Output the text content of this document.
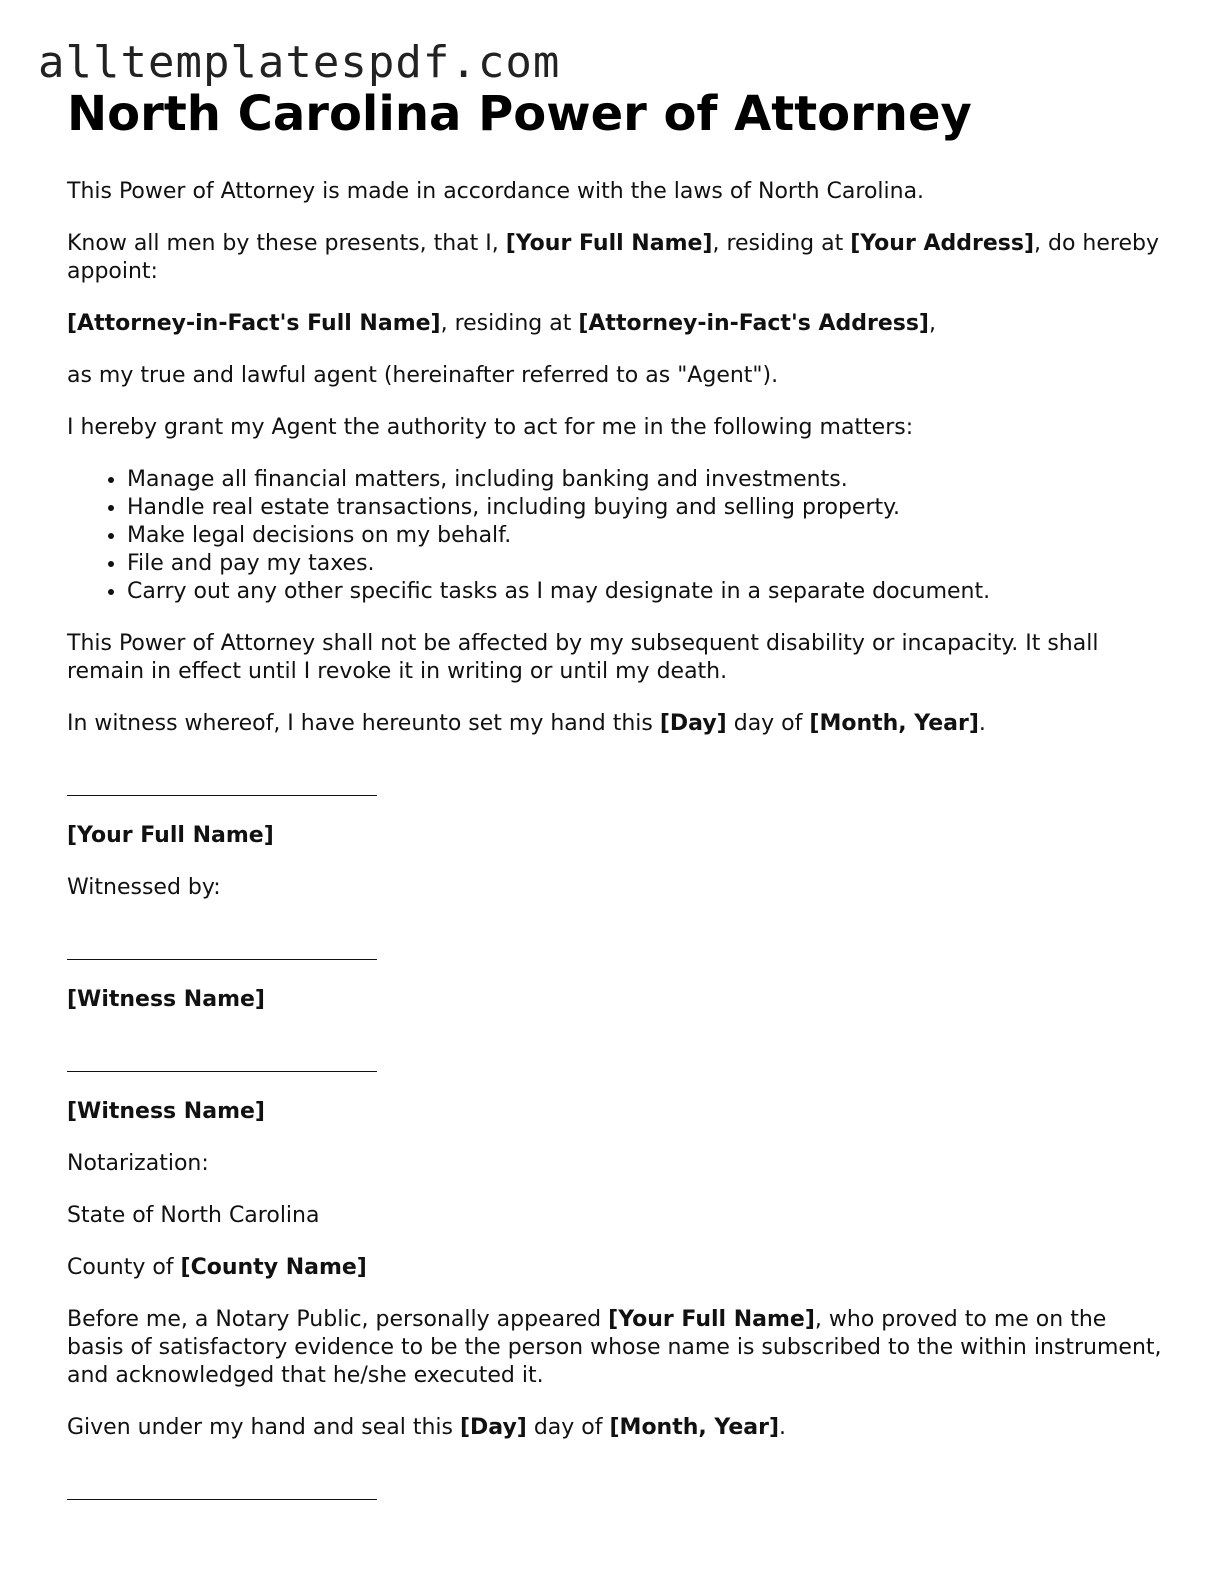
alltemplatespdf.com
North Carolina Power of Attorney

This Power of Attorney is made in accordance with the laws of North Carolina.

Know all men by these presents, that I, [Your Full Name], residing at [Your Address], do hereby appoint:

[Attorney-in-Fact's Full Name], residing at [Attorney-in-Fact's Address],

as my true and lawful agent (hereinafter referred to as "Agent").

I hereby grant my Agent the authority to act for me in the following matters:

• Manage all financial matters, including banking and investments.
• Handle real estate transactions, including buying and selling property.
• Make legal decisions on my behalf.
• File and pay my taxes.
• Carry out any other specific tasks as I may designate in a separate document.

This Power of Attorney shall not be affected by my subsequent disability or incapacity. It shall remain in effect until I revoke it in writing or until my death.

In witness whereof, I have hereunto set my hand this [Day] day of [Month, Year].

[Your Full Name]

Witnessed by:

[Witness Name]

[Witness Name]

Notarization:

State of North Carolina

County of [County Name]

Before me, a Notary Public, personally appeared [Your Full Name], who proved to me on the basis of satisfactory evidence to be the person whose name is subscribed to the within instrument, and acknowledged that he/she executed it.

Given under my hand and seal this [Day] day of [Month, Year].
